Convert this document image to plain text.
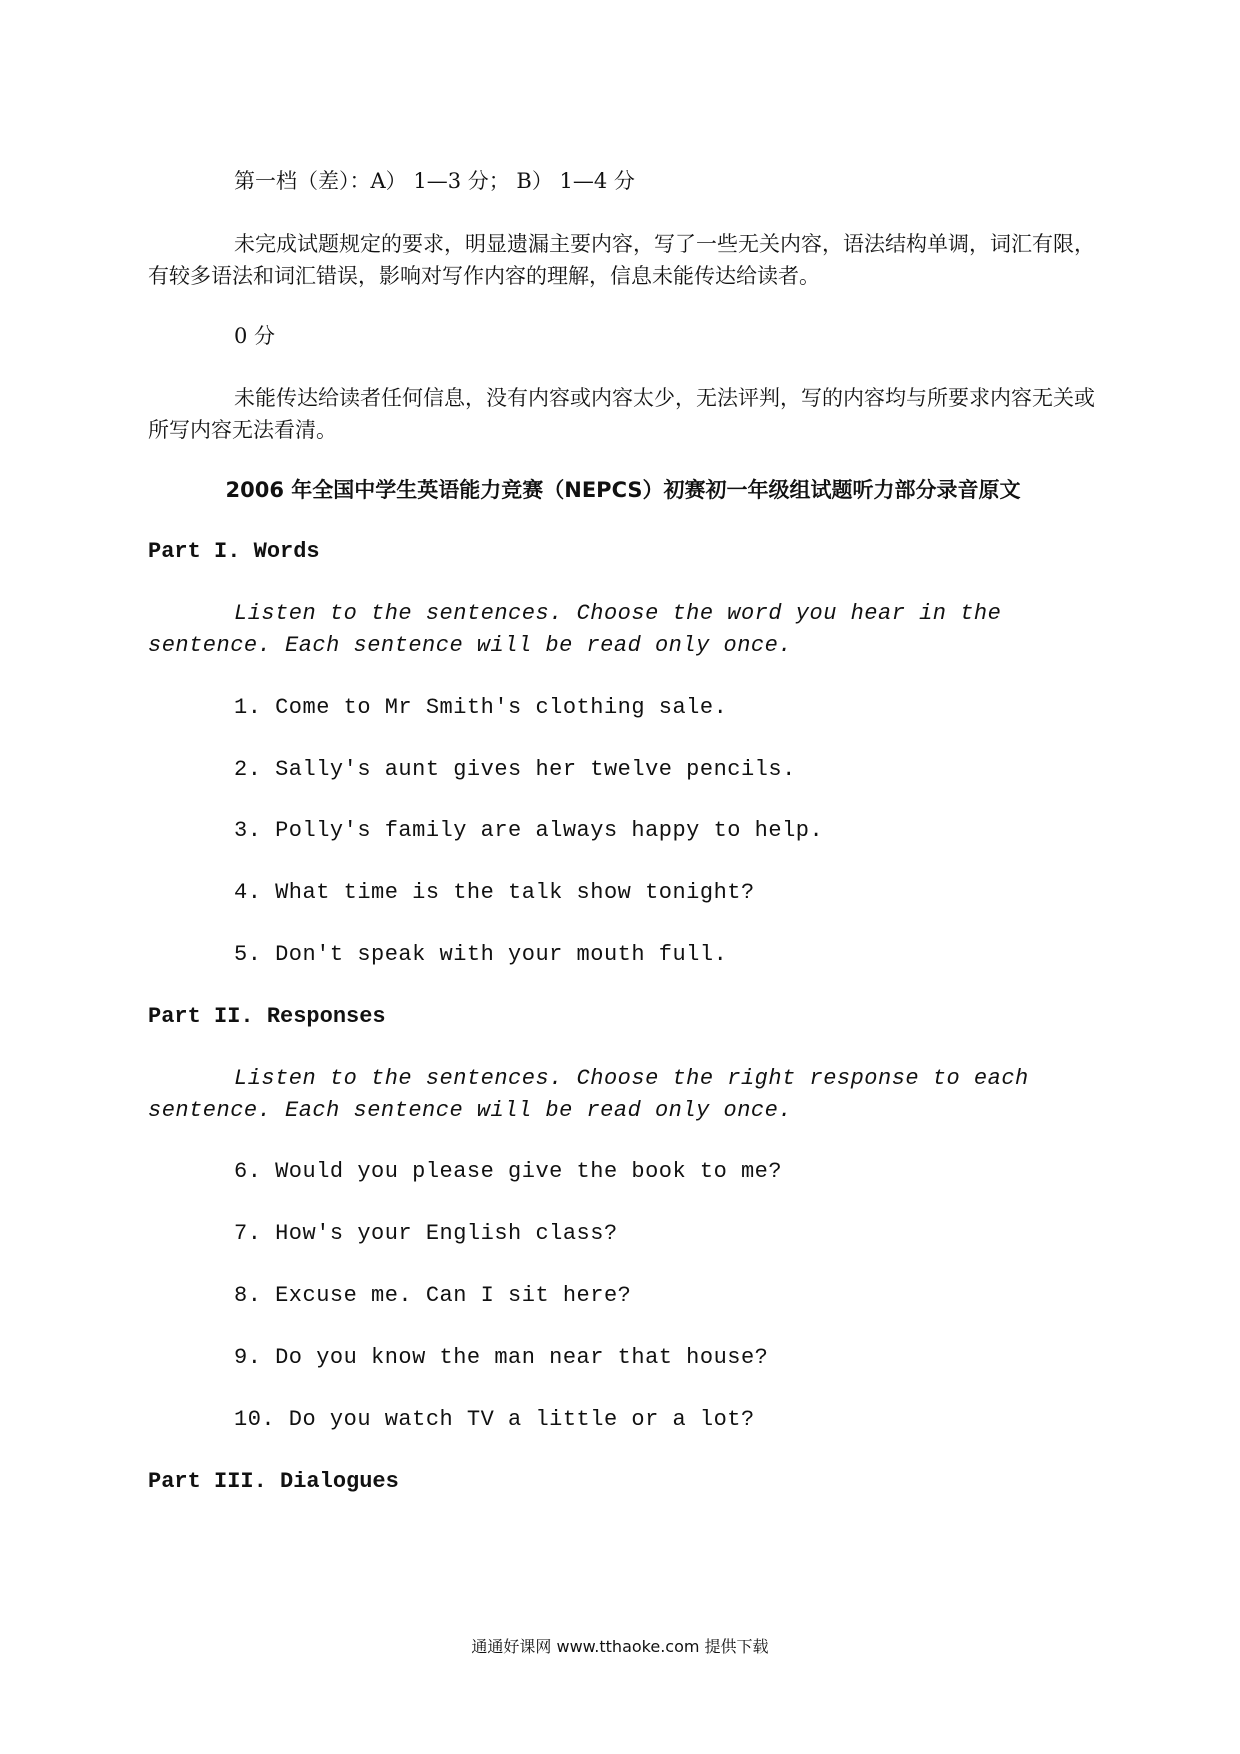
第一档（差）：A） 1—3 分； B） 1—4 分

未完成试题规定的要求，明显遗漏主要内容，写了一些无关内容，语法结构单调，词汇有限，有较多语法和词汇错误，影响对写作内容的理解，信息未能传达给读者。

0 分

未能传达给读者任何信息，没有内容或内容太少，无法评判，写的内容均与所要求内容无关或所写内容无法看清。

2006 年全国中学生英语能力竞赛（NEPCS）初赛初一年级组试题听力部分录音原文

Part I. Words

Listen to the sentences. Choose the word you hear in the sentence. Each sentence will be read only once.

1. Come to Mr Smith's clothing sale.

2. Sally's aunt gives her twelve pencils.

3. Polly's family are always happy to help.

4. What time is the talk show tonight?

5. Don't speak with your mouth full.

Part II. Responses

Listen to the sentences. Choose the right response to each sentence. Each sentence will be read only once.

6. Would you please give the book to me?

7. How's your English class?

8. Excuse me. Can I sit here?

9. Do you know the man near that house?

10. Do you watch TV a little or a lot?

Part III. Dialogues

通通好课网 www.tthaoke.com 提供下载
